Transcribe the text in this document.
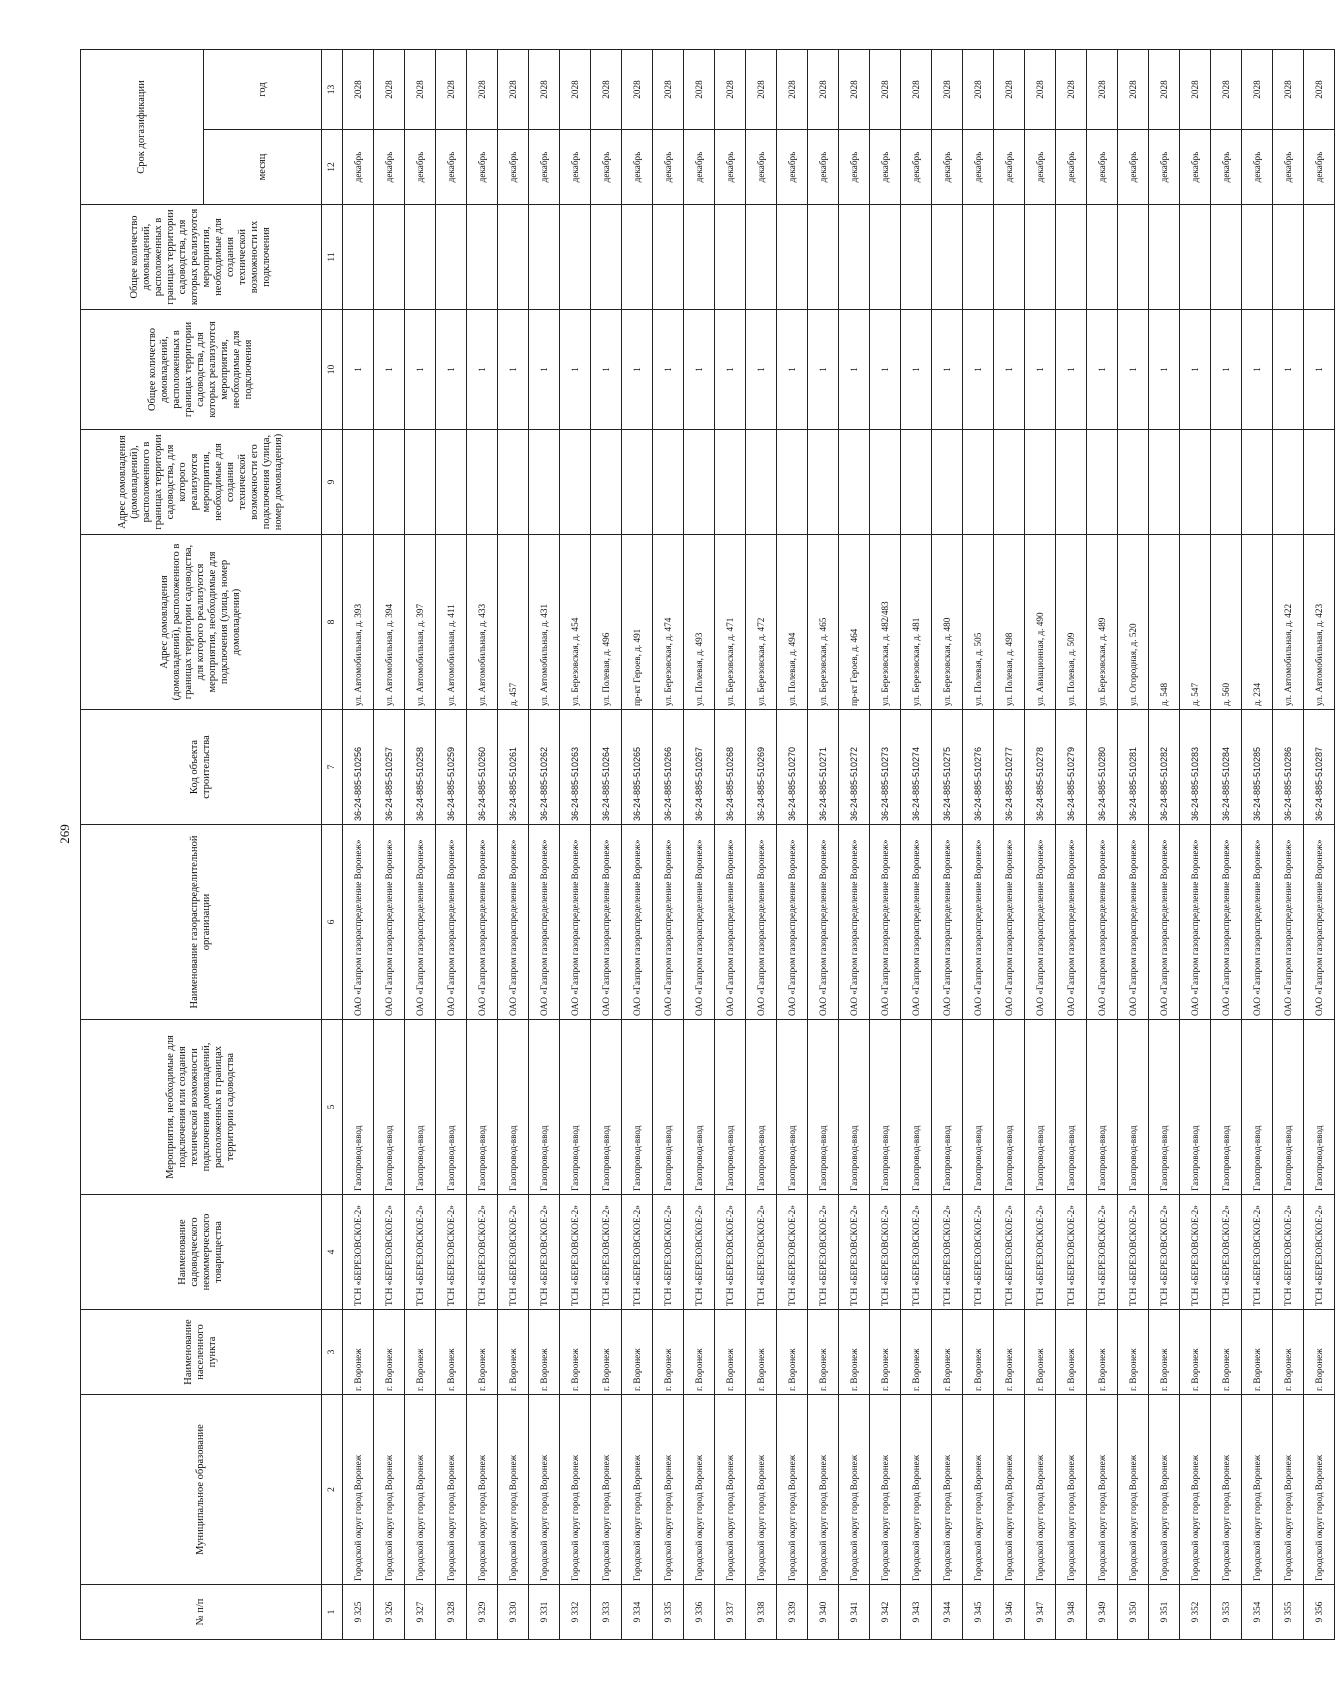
269
№ п/п	Муниципальное образование	Наименование населенного пункта	Наименование садоводческого некоммерческого товарищества	Мероприятия, необходимые для подключения или создания технической возможности подключения домовладений, расположенных в границах территории садоводства	Наименование газораспределительной организации	Код объекта строительства	Адрес домовладения (домовладений), расположенного в границах территории садоводства, для которого реализуются мероприятия, необходимые для подключения (улица, номер домовладения)	Адрес домовладения (домовладений), расположенного в границах территории садоводства, для которого реализуются мероприятия, необходимые для создания технической возможности его подключения (улица, номер домовладения)	Общее количество домовладений, расположенных в границах территории садоводства, для которых реализуются мероприятия, необходимые для подключения	Общее количество домовладений, расположенных в границах территории садоводства, для которых реализуются мероприятия, необходимые для создания технической возможности их подключения	Срок догазификации	
											месяц	год
1	2	3	4	5	6	7	8	9	10	11	12	13
9 325	Городской округ город Воронеж	г. Воронеж	ТСН «БЕРЕЗОВСКОЕ-2»	Газопровод-ввод	ОАО «Газпром газораспределение Воронеж»	36-24-885-510256	ул. Автомобильная, д. 393		1		декабрь	2028
9 326	Городской округ город Воронеж	г. Воронеж	ТСН «БЕРЕЗОВСКОЕ-2»	Газопровод-ввод	ОАО «Газпром газораспределение Воронеж»	36-24-885-510257	ул. Автомобильная, д. 394		1		декабрь	2028
9 327	Городской округ город Воронеж	г. Воронеж	ТСН «БЕРЕЗОВСКОЕ-2»	Газопровод-ввод	ОАО «Газпром газораспределение Воронеж»	36-24-885-510258	ул. Автомобильная, д. 397		1		декабрь	2028
9 328	Городской округ город Воронеж	г. Воронеж	ТСН «БЕРЕЗОВСКОЕ-2»	Газопровод-ввод	ОАО «Газпром газораспределение Воронеж»	36-24-885-510259	ул. Автомобильная, д. 411		1		декабрь	2028
9 329	Городской округ город Воронеж	г. Воронеж	ТСН «БЕРЕЗОВСКОЕ-2»	Газопровод-ввод	ОАО «Газпром газораспределение Воронеж»	36-24-885-510260	ул. Автомобильная, д. 433		1		декабрь	2028
9 330	Городской округ город Воронеж	г. Воронеж	ТСН «БЕРЕЗОВСКОЕ-2»	Газопровод-ввод	ОАО «Газпром газораспределение Воронеж»	36-24-885-510261	д. 457		1		декабрь	2028
9 331	Городской округ город Воронеж	г. Воронеж	ТСН «БЕРЕЗОВСКОЕ-2»	Газопровод-ввод	ОАО «Газпром газораспределение Воронеж»	36-24-885-510262	ул. Автомобильная, д. 431		1		декабрь	2028
9 332	Городской округ город Воронеж	г. Воронеж	ТСН «БЕРЕЗОВСКОЕ-2»	Газопровод-ввод	ОАО «Газпром газораспределение Воронеж»	36-24-885-510263	ул. Березовская, д. 454		1		декабрь	2028
9 333	Городской округ город Воронеж	г. Воронеж	ТСН «БЕРЕЗОВСКОЕ-2»	Газопровод-ввод	ОАО «Газпром газораспределение Воронеж»	36-24-885-510264	ул. Полевая, д. 496		1		декабрь	2028
9 334	Городской округ город Воронеж	г. Воронеж	ТСН «БЕРЕЗОВСКОЕ-2»	Газопровод-ввод	ОАО «Газпром газораспределение Воронеж»	36-24-885-510265	пр-кт Героев, д. 491		1		декабрь	2028
9 335	Городской округ город Воронеж	г. Воронеж	ТСН «БЕРЕЗОВСКОЕ-2»	Газопровод-ввод	ОАО «Газпром газораспределение Воронеж»	36-24-885-510266	ул. Березовская, д. 474		1		декабрь	2028
9 336	Городской округ город Воронеж	г. Воронеж	ТСН «БЕРЕЗОВСКОЕ-2»	Газопровод-ввод	ОАО «Газпром газораспределение Воронеж»	36-24-885-510267	ул. Полевая, д. 493		1		декабрь	2028
9 337	Городской округ город Воронеж	г. Воронеж	ТСН «БЕРЕЗОВСКОЕ-2»	Газопровод-ввод	ОАО «Газпром газораспределение Воронеж»	36-24-885-510268	ул. Березовская, д. 471		1		декабрь	2028
9 338	Городской округ город Воронеж	г. Воронеж	ТСН «БЕРЕЗОВСКОЕ-2»	Газопровод-ввод	ОАО «Газпром газораспределение Воронеж»	36-24-885-510269	ул. Березовская, д. 472		1		декабрь	2028
9 339	Городской округ город Воронеж	г. Воронеж	ТСН «БЕРЕЗОВСКОЕ-2»	Газопровод-ввод	ОАО «Газпром газораспределение Воронеж»	36-24-885-510270	ул. Полевая, д. 494		1		декабрь	2028
9 340	Городской округ город Воронеж	г. Воронеж	ТСН «БЕРЕЗОВСКОЕ-2»	Газопровод-ввод	ОАО «Газпром газораспределение Воронеж»	36-24-885-510271	ул. Березовская, д. 465		1		декабрь	2028
9 341	Городской округ город Воронеж	г. Воронеж	ТСН «БЕРЕЗОВСКОЕ-2»	Газопровод-ввод	ОАО «Газпром газораспределение Воронеж»	36-24-885-510272	пр-кт Героев, д. 464		1		декабрь	2028
9 342	Городской округ город Воронеж	г. Воронеж	ТСН «БЕРЕЗОВСКОЕ-2»	Газопровод-ввод	ОАО «Газпром газораспределение Воронеж»	36-24-885-510273	ул. Березовская, д. 482/483		1		декабрь	2028
9 343	Городской округ город Воронеж	г. Воронеж	ТСН «БЕРЕЗОВСКОЕ-2»	Газопровод-ввод	ОАО «Газпром газораспределение Воронеж»	36-24-885-510274	ул. Березовская, д. 481		1		декабрь	2028
9 344	Городской округ город Воронеж	г. Воронеж	ТСН «БЕРЕЗОВСКОЕ-2»	Газопровод-ввод	ОАО «Газпром газораспределение Воронеж»	36-24-885-510275	ул. Березовская, д. 480		1		декабрь	2028
9 345	Городской округ город Воронеж	г. Воронеж	ТСН «БЕРЕЗОВСКОЕ-2»	Газопровод-ввод	ОАО «Газпром газораспределение Воронеж»	36-24-885-510276	ул. Полевая, д. 505		1		декабрь	2028
9 346	Городской округ город Воронеж	г. Воронеж	ТСН «БЕРЕЗОВСКОЕ-2»	Газопровод-ввод	ОАО «Газпром газораспределение Воронеж»	36-24-885-510277	ул. Полевая, д. 498		1		декабрь	2028
9 347	Городской округ город Воронеж	г. Воронеж	ТСН «БЕРЕЗОВСКОЕ-2»	Газопровод-ввод	ОАО «Газпром газораспределение Воронеж»	36-24-885-510278	ул. Авиационная, д. 490		1		декабрь	2028
9 348	Городской округ город Воронеж	г. Воронеж	ТСН «БЕРЕЗОВСКОЕ-2»	Газопровод-ввод	ОАО «Газпром газораспределение Воронеж»	36-24-885-510279	ул. Полевая, д. 509		1		декабрь	2028
9 349	Городской округ город Воронеж	г. Воронеж	ТСН «БЕРЕЗОВСКОЕ-2»	Газопровод-ввод	ОАО «Газпром газораспределение Воронеж»	36-24-885-510280	ул. Березовская, д. 489		1		декабрь	2028
9 350	Городской округ город Воронеж	г. Воронеж	ТСН «БЕРЕЗОВСКОЕ-2»	Газопровод-ввод	ОАО «Газпром газораспределение Воронеж»	36-24-885-510281	ул. Огородная, д. 520		1		декабрь	2028
9 351	Городской округ город Воронеж	г. Воронеж	ТСН «БЕРЕЗОВСКОЕ-2»	Газопровод-ввод	ОАО «Газпром газораспределение Воронеж»	36-24-885-510282	д. 548		1		декабрь	2028
9 352	Городской округ город Воронеж	г. Воронеж	ТСН «БЕРЕЗОВСКОЕ-2»	Газопровод-ввод	ОАО «Газпром газораспределение Воронеж»	36-24-885-510283	д. 547		1		декабрь	2028
9 353	Городской округ город Воронеж	г. Воронеж	ТСН «БЕРЕЗОВСКОЕ-2»	Газопровод-ввод	ОАО «Газпром газораспределение Воронеж»	36-24-885-510284	д. 560		1		декабрь	2028
9 354	Городской округ город Воронеж	г. Воронеж	ТСН «БЕРЕЗОВСКОЕ-2»	Газопровод-ввод	ОАО «Газпром газораспределение Воронеж»	36-24-885-510285	д. 234		1		декабрь	2028
9 355	Городской округ город Воронеж	г. Воронеж	ТСН «БЕРЕЗОВСКОЕ-2»	Газопровод-ввод	ОАО «Газпром газораспределение Воронеж»	36-24-885-510286	ул. Автомобильная, д. 422		1		декабрь	2028
9 356	Городской округ город Воронеж	г. Воронеж	ТСН «БЕРЕЗОВСКОЕ-2»	Газопровод-ввод	ОАО «Газпром газораспределение Воронеж»	36-24-885-510287	ул. Автомобильная, д. 423		1		декабрь	2028
